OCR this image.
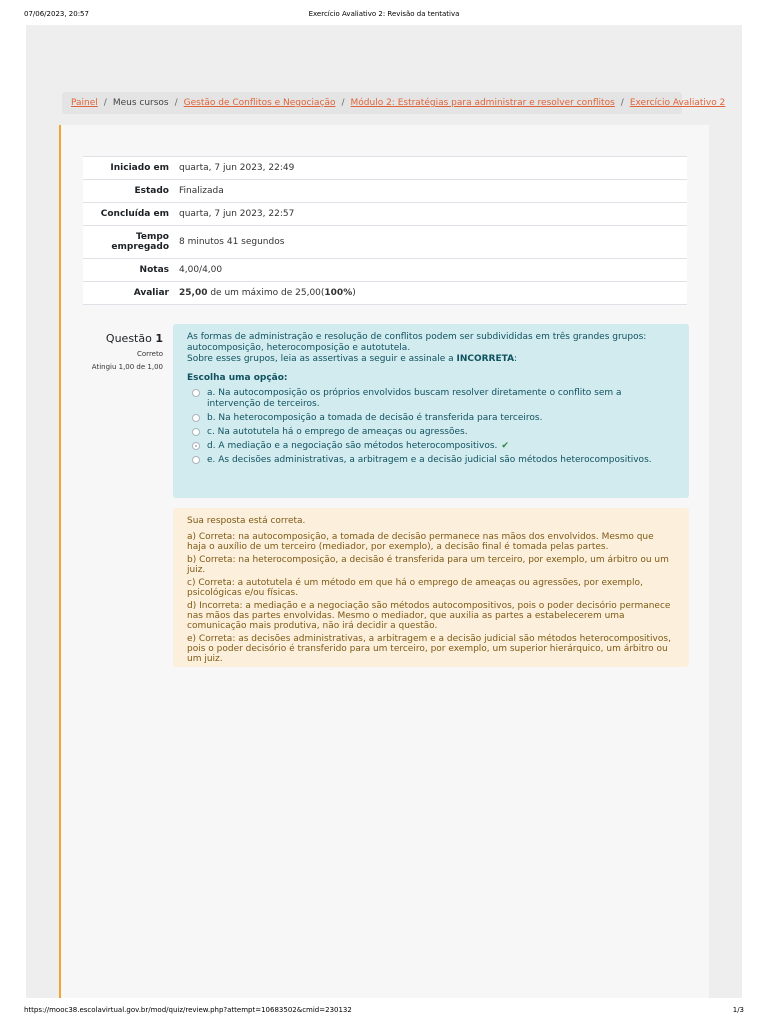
07/06/2023, 20:57	Exercício Avaliativo 2: Revisão da tentativa
Painel / Meus cursos / Gestão de Conflitos e Negociação / Módulo 2: Estratégias para administrar e resolver conflitos / Exercício Avaliativo 2
Iniciado em	quarta, 7 jun 2023, 22:49
Estado	Finalizada
Concluída em	quarta, 7 jun 2023, 22:57
Tempo empregado	8 minutos 41 segundos
Notas	4,00/4,00
Avaliar	25,00 de um máximo de 25,00(100%)
Questão 1
Correto
Atingiu 1,00 de 1,00

As formas de administração e resolução de conflitos podem ser subdivididas em três grandes grupos: autocomposição, heterocomposição e autotutela.

Sobre esses grupos, leia as assertivas a seguir e assinale a INCORRETA:

Escolha uma opção:

a. Na autocomposição os próprios envolvidos buscam resolver diretamente o conflito sem a intervenção de terceiros.
b. Na heterocomposição a tomada de decisão é transferida para terceiros.
c. Na autotutela há o emprego de ameaças ou agressões.
d. A mediação e a negociação são métodos heterocompositivos. ✔
e. As decisões administrativas, a arbitragem e a decisão judicial são métodos heterocompositivos.

Sua resposta está correta.

a) Correta: na autocomposição, a tomada de decisão permanece nas mãos dos envolvidos. Mesmo que haja o auxílio de um terceiro (mediador, por exemplo), a decisão final é tomada pelas partes.

b) Correta: na heterocomposição, a decisão é transferida para um terceiro, por exemplo, um árbitro ou um juiz.

c) Correta: a autotutela é um método em que há o emprego de ameaças ou agressões, por exemplo, psicológicas e/ou físicas.

d) Incorreta: a mediação e a negociação são métodos autocompositivos, pois o poder decisório permanece nas mãos das partes envolvidas. Mesmo o mediador, que auxilia as partes a estabelecerem uma comunicação mais produtiva, não irá decidir a questão.

e) Correta: as decisões administrativas, a arbitragem e a decisão judicial são métodos heterocompositivos, pois o poder decisório é transferido para um terceiro, por exemplo, um superior hierárquico, um árbitro ou um juiz.

https://mooc38.escolavirtual.gov.br/mod/quiz/review.php?attempt=10683502&cmid=230132	1/3
